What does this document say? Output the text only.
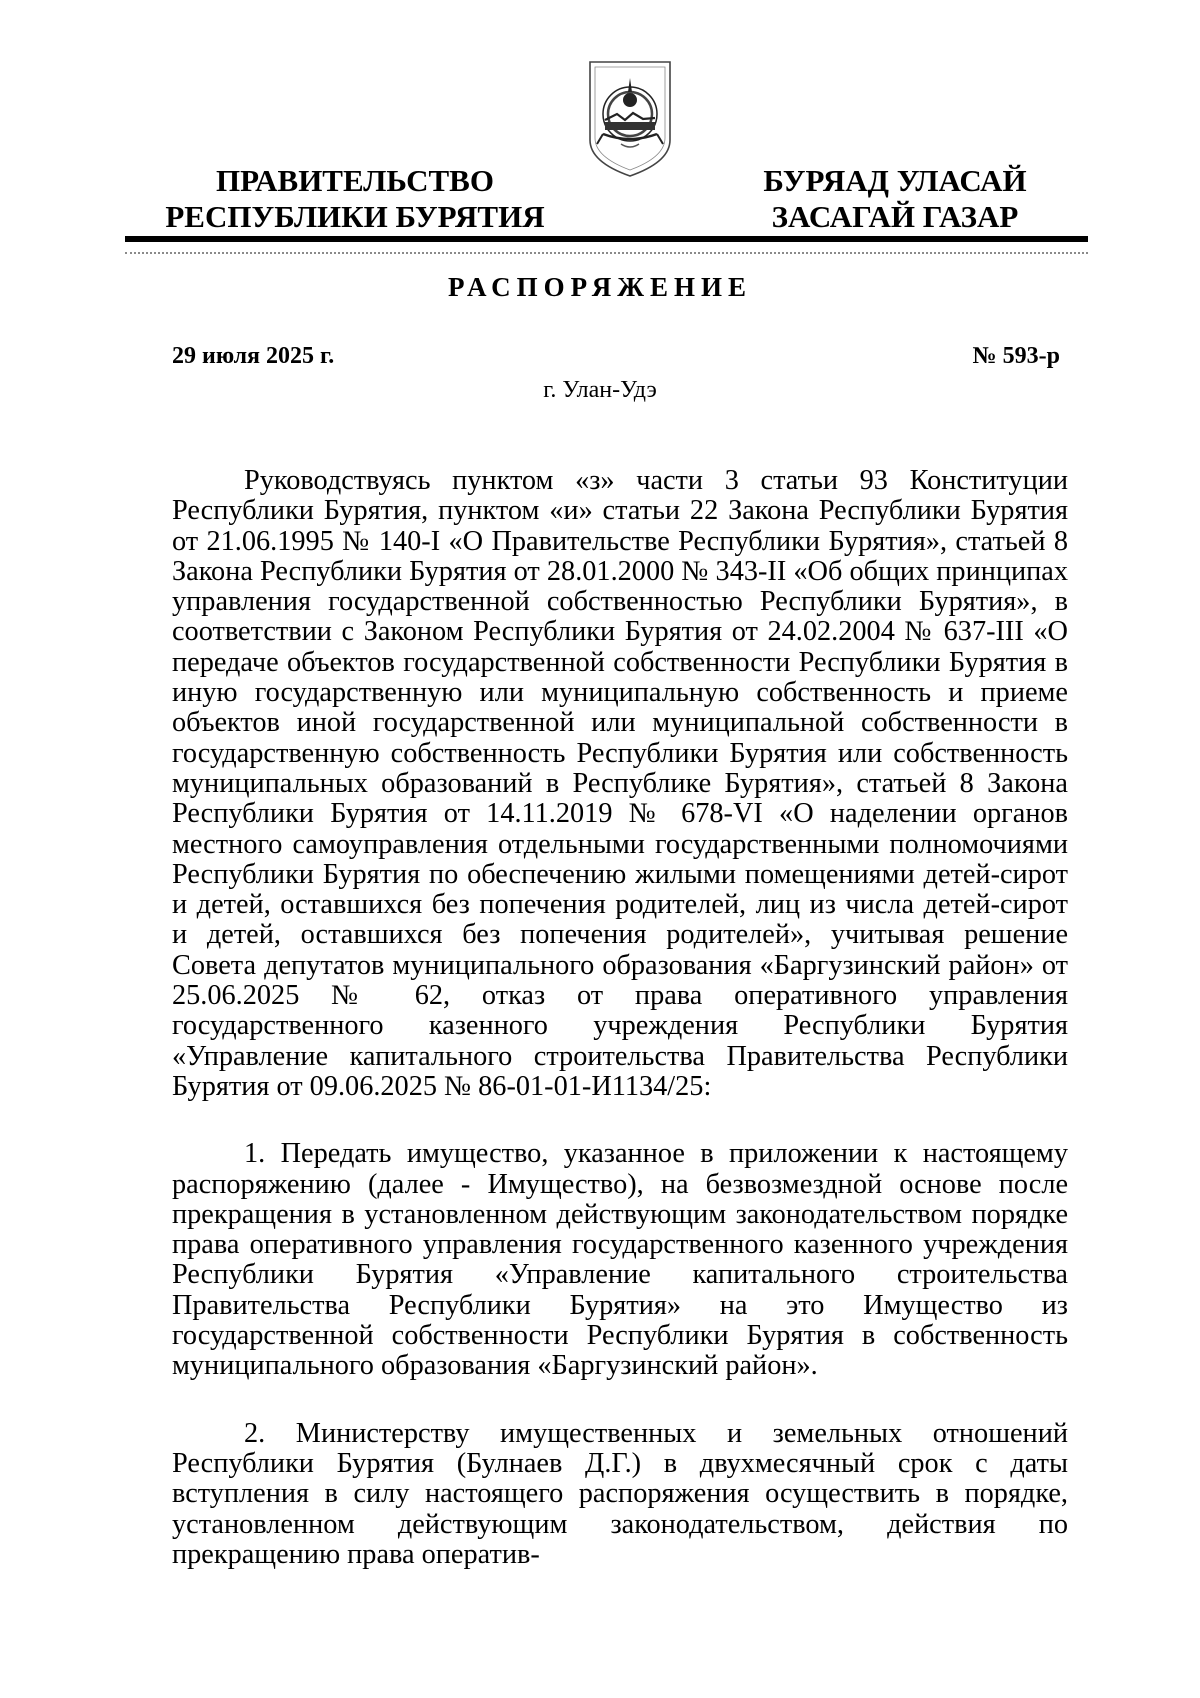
ПРАВИТЕЛЬСТВО
РЕСПУБЛИКИ БУРЯТИЯ
БУРЯАД УЛАСАЙ
ЗАСАГАЙ ГАЗАР
РАСПОРЯЖЕНИЕ
29 июля 2025 г.	№ 593-р
г. Улан-Удэ

Руководствуясь пунктом «з» части 3 статьи 93 Конституции Республики Бурятия, пунктом «и» статьи 22 Закона Республики Бурятия от 21.06.1995 № 140-I «О Правительстве Республики Бурятия», статьей 8 Закона Республики Бурятия от 28.01.2000 № 343-II «Об общих принципах управления государственной собственностью Республики Бурятия», в соответствии с Законом Республики Бурятия от 24.02.2004 № 637-III «О передаче объектов государственной собственности Республики Бурятия в иную государственную или муниципальную собственность и приеме объектов иной государственной или муниципальной собственности в государственную собственность Республики Бурятия или собственность муниципальных образований в Республике Бурятия», статьей 8 Закона Республики Бурятия от 14.11.2019 № 678-VI «О наделении органов местного самоуправления отдельными государственными полномочиями Республики Бурятия по обеспечению жилыми помещениями детей-сирот и детей, оставшихся без попечения родителей, лиц из числа детей-сирот и детей, оставшихся без попечения родителей», учитывая решение Совета депутатов муниципального образования «Баргузинский район» от 25.06.2025 № 62, отказ от права оперативного управления государственного казенного учреждения Республики Бурятия «Управление капитального строительства Правительства Республики Бурятия от 09.06.2025 № 86-01-01-И1134/25:

1. Передать имущество, указанное в приложении к настоящему распоряжению (далее - Имущество), на безвозмездной основе после прекращения в установленном действующим законодательством порядке права оперативного управления государственного казенного учреждения Республики Бурятия «Управление капитального строительства Правительства Республики Бурятия» на это Имущество из государственной собственности Республики Бурятия в собственность муниципального образования «Баргузинский район».

2. Министерству имущественных и земельных отношений Республики Бурятия (Булнаев Д.Г.) в двухмесячный срок с даты вступления в силу настоящего распоряжения осуществить в порядке, установленном действующим законодательством, действия по прекращению права оператив-
